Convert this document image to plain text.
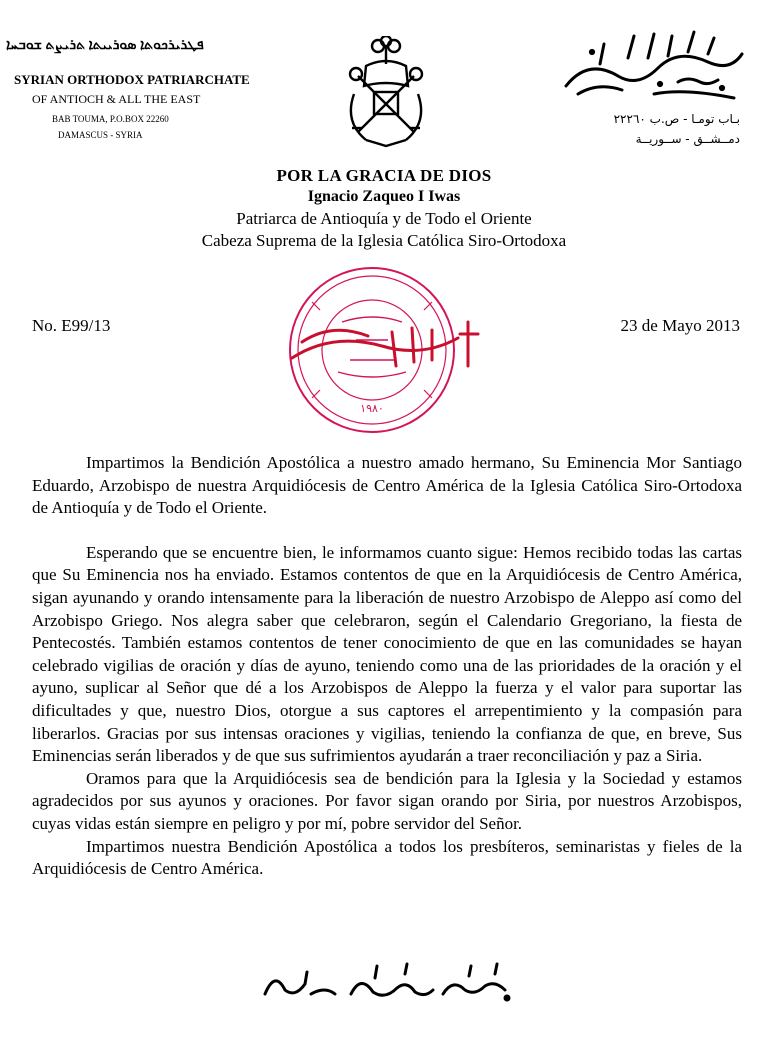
ܦܛܪܝܪܟܘܬܐ ܣܘܪܝܝܬܐ ܬܪܝܨܬ ܫܘܒܚܐ
SYRIAN ORTHODOX PATRIARCHATE
OF ANTIOCH & ALL THE EAST
BAB TOUMA, P.O.BOX 22260
DAMASCUS - SYRIA
بـاب تومـا - ص.ب ٢٢٢٦٠
دمــشــق - ســوريــة
POR LA GRACIA DE DIOS
Ignacio Zaqueo I Iwas
Patriarca de Antioquía y de Todo el Oriente
Cabeza Suprema de la Iglesia Católica Siro-Ortodoxa
١٩٨٠
No. E99/13	23 de Mayo 2013

Impartimos la Bendición Apostólica a nuestro amado hermano, Su Eminencia Mor Santiago Eduardo, Arzobispo de nuestra Arquidiócesis de Centro América de la Iglesia Católica Siro-Ortodoxa de Antioquía y de Todo el Oriente.

Esperando que se encuentre bien, le informamos cuanto sigue: Hemos recibido todas las cartas que Su Eminencia nos ha enviado. Estamos contentos de que en la Arquidiócesis de Centro América, sigan ayunando y orando intensamente para la liberación de nuestro Arzobispo de Aleppo así como del Arzobispo Griego. Nos alegra saber que celebraron, según el Calendario Gregoriano, la fiesta de Pentecostés. También estamos contentos de tener conocimiento de que en las comunidades se hayan celebrado vigilias de oración y días de ayuno, teniendo como una de las prioridades de la oración y el ayuno, suplicar al Señor que dé a los Arzobispos de Aleppo la fuerza y el valor para suportar las dificultades y que, nuestro Dios, otorgue a sus captores el arrepentimiento y la compasión para liberarlos. Gracias por sus intensas oraciones y vigilias, teniendo la confianza de que, en breve, Sus Eminencias serán liberados y de que sus sufrimientos ayudarán a traer reconciliación y paz a Siria.

Oramos para que la Arquidiócesis sea de bendición para la Iglesia y la Sociedad y estamos agradecidos por sus ayunos y oraciones. Por favor sigan orando por Siria, por nuestros Arzobispos, cuyas vidas están siempre en peligro y por mí, pobre servidor del Señor.

Impartimos nuestra Bendición Apostólica a todos los presbíteros, seminaristas y fieles de la Arquidiócesis de Centro América.
